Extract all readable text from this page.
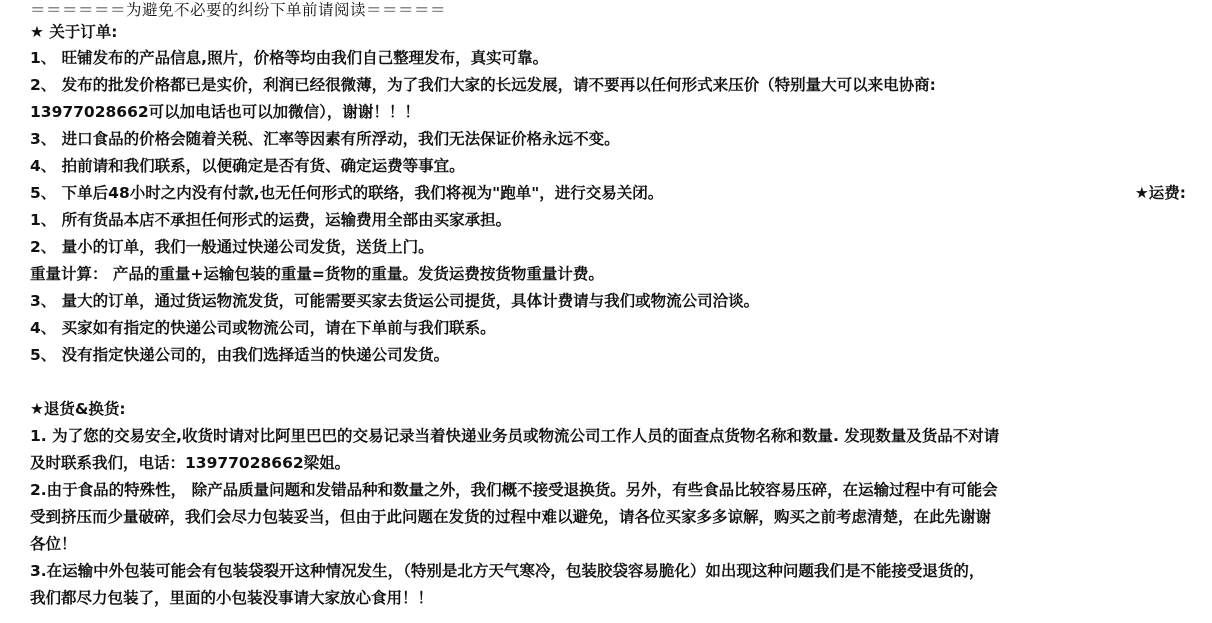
＝＝＝＝＝＝为避免不必要的纠纷下单前请阅读＝＝＝＝＝
★ 关于订单:
1、 旺铺发布的产品信息,照片，价格等均由我们自己整理发布，真实可靠。
2、 发布的批发价格都已是实价，利润已经很微薄，为了我们大家的长远发展，请不要再以任何形式来压价（特别量大可以来电协商:
13977028662可以加电话也可以加微信），谢谢！！！
3、 进口食品的价格会随着关税、汇率等因素有所浮动，我们无法保证价格永远不变。
4、 拍前请和我们联系，以便确定是否有货、确定运费等事宜。
5、 下单后48小时之内没有付款,也无任何形式的联络，我们将视为"跑单"，进行交易关闭。	★运费:
1、 所有货品本店不承担任何形式的运费，运输费用全部由买家承担。
2、 量小的订单，我们一般通过快递公司发货，送货上门。
重量计算： 产品的重量+运输包装的重量=货物的重量。发货运费按货物重量计费。
3、 量大的订单，通过货运物流发货，可能需要买家去货运公司提货，具体计费请与我们或物流公司洽谈。
4、 买家如有指定的快递公司或物流公司，请在下单前与我们联系。
5、 没有指定快递公司的，由我们选择适当的快递公司发货。
★退货&换货:
1. 为了您的交易安全,收货时请对比阿里巴巴的交易记录当着快递业务员或物流公司工作人员的面查点货物名称和数量. 发现数量及货品不对请
及时联系我们，电话：13977028662梁姐。
2.由于食品的特殊性， 除产品质量问题和发错品种和数量之外，我们概不接受退换货。另外，有些食品比较容易压碎，在运输过程中有可能会
受到挤压而少量破碎，我们会尽力包装妥当，但由于此问题在发货的过程中难以避免，请各位买家多多谅解，购买之前考虑清楚，在此先谢谢
各位！
3.在运输中外包装可能会有包装袋裂开这种情况发生，（特别是北方天气寒冷，包装胶袋容易脆化）如出现这种问题我们是不能接受退货的，
我们都尽力包装了，里面的小包装没事请大家放心食用！！
